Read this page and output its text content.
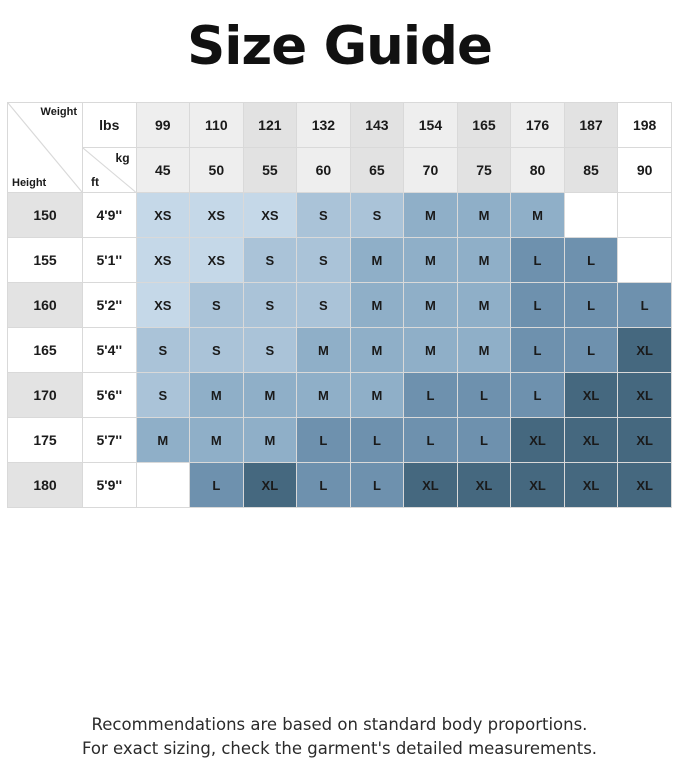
Size Guide
Weight
Height	lbs	99	110	121	132	143	154	165	176	187	198

	kg
ft	45	50	55	60	65	70	75	80	85	90
150	4'9''	XS	XS	XS	S	S	M	M	M		
155	5'1''	XS	XS	S	S	M	M	M	L	L	
160	5'2''	XS	S	S	S	M	M	M	L	L	L
165	5'4''	S	S	S	M	M	M	M	L	L	XL
170	5'6''	S	M	M	M	M	L	L	L	XL	XL
175	5'7''	M	M	M	L	L	L	L	XL	XL	XL
180	5'9''		L	XL	L	L	XL	XL	XL	XL	XL
Recommendations are based on standard body proportions.
For exact sizing, check the garment's detailed measurements.
